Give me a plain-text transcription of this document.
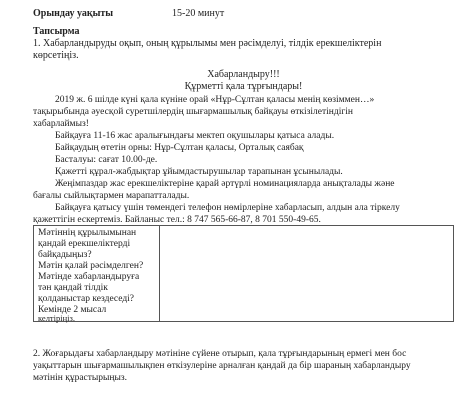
Орындау уақыты	15-20 минут
Тапсырма
1. Хабарландыруды оқып, оның құрылымы мен рәсімделуі, тілдік ерекшеліктерін
көрсетіңіз.
Хабарландыру!!!
Құрметті қала тұрғындары!
2019 ж. 6 шілде күні қала күніне орай «Нұр-Сұлтан қаласы менің көзіммен…»
тақырыбында әуесқой суретшілердің шығармашылық байқауы өткізілетіндігін
хабарлаймыз!
Байқауға 11-16 жас аралығындағы мектеп оқушылары қатыса алады.
Байқаудың өтетін орны: Нұр-Сұлтан қаласы, Орталық саябақ
Басталуы: сағат 10.00-де.
Қажетті құрал-жабдықтар ұйымдастырушылар тарапынан ұсынылады.
Жеңімпаздар жас ерекшеліктеріне қарай әртүрлі номинацияларда анықталады және
бағалы сыйлықтармен марапатталады.
Байқауға қатысу үшін төмендегі телефон нөмірлеріне хабарласып, алдын ала тіркелу
қажеттігін ескертеміз. Байланыс тел.: 8 747 565-66-87, 8 701 550-49-65.
Мәтіннің құрылымынан
қандай ерекшеліктерді
байқадыңыз?
Мәтін қалай рәсімделген?
Мәтінде хабарландыруға
тән қандай тілдік
қолданыстар кездеседі?
Кемінде 2 мысал
келтіріңіз.
2. Жоғарыдағы хабарландыру мәтініне сүйене отырып, қала тұрғындарының ермегі мен бос
уақыттарын шығармашылықпен өткізулеріне арналған қандай да бір шараның хабарландыру
мәтінін құрастырыңыз.
